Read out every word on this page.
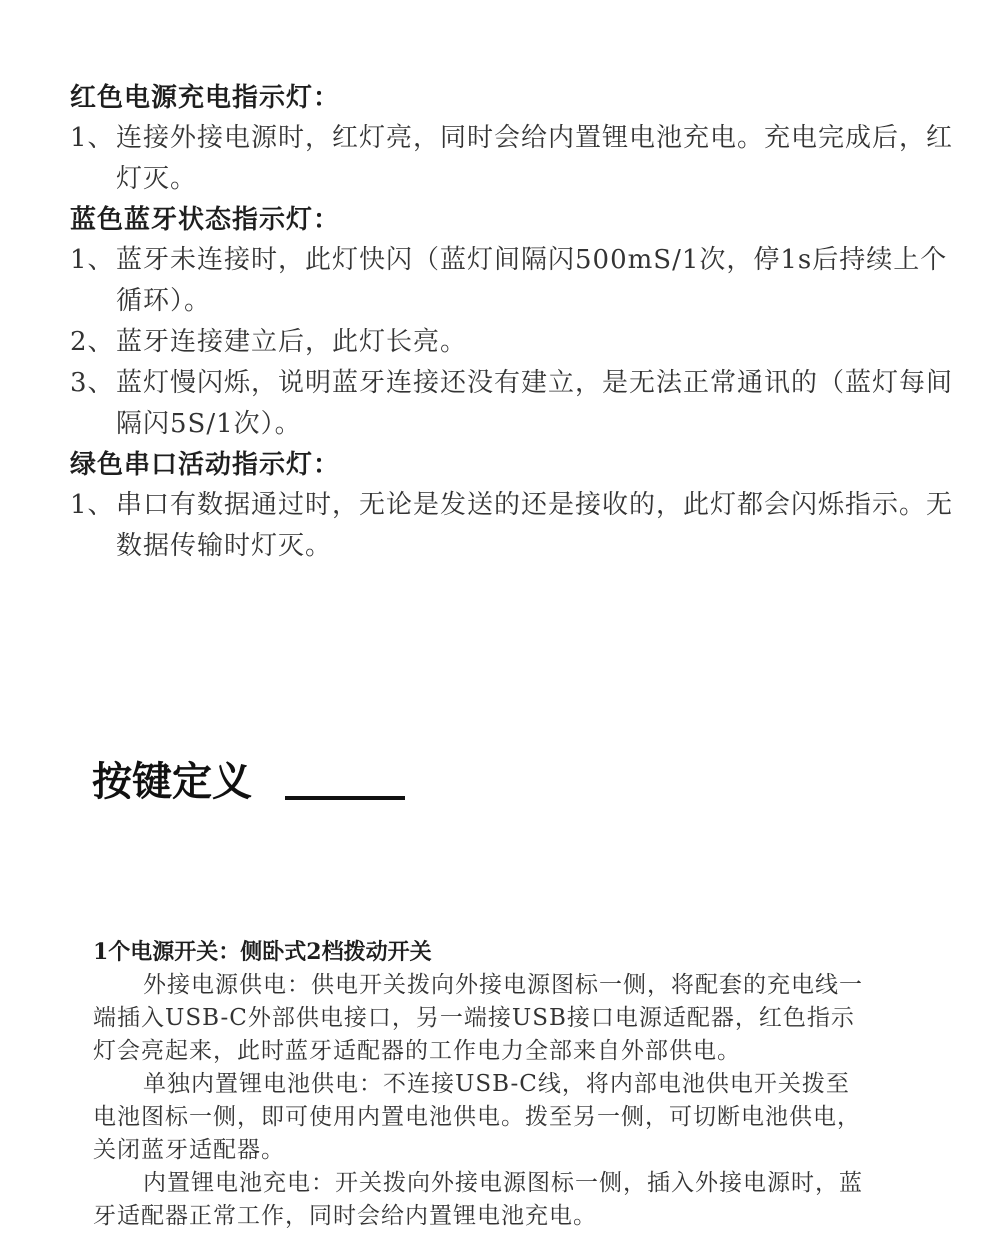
红色电源充电指示灯：
1、 连接外接电源时，红灯亮，同时会给内置锂电池充电。充电完成后，红灯灭。
蓝色蓝牙状态指示灯：
1、 蓝牙未连接时，此灯快闪（蓝灯间隔闪500mS/1次，停1s后持续上个循环）。
2、 蓝牙连接建立后，此灯长亮。
3、 蓝灯慢闪烁，说明蓝牙连接还没有建立，是无法正常通讯的（蓝灯每间隔闪5S/1次）。
绿色串口活动指示灯：
1、 串口有数据通过时，无论是发送的还是接收的，此灯都会闪烁指示。无数据传输时灯灭。
按键定义
1个电源开关：侧卧式2档拨动开关
外接电源供电：供电开关拨向外接电源图标一侧，将配套的充电线一端插入USB-C外部供电接口，另一端接USB接口电源适配器，红色指示灯会亮起来，此时蓝牙适配器的工作电力全部来自外部供电。
单独内置锂电池供电：不连接USB-C线，将内部电池供电开关拨至电池图标一侧，即可使用内置电池供电。拨至另一侧，可切断电池供电，关闭蓝牙适配器。
内置锂电池充电：开关拨向外接电源图标一侧，插入外接电源时，蓝牙适配器正常工作，同时会给内置锂电池充电。
